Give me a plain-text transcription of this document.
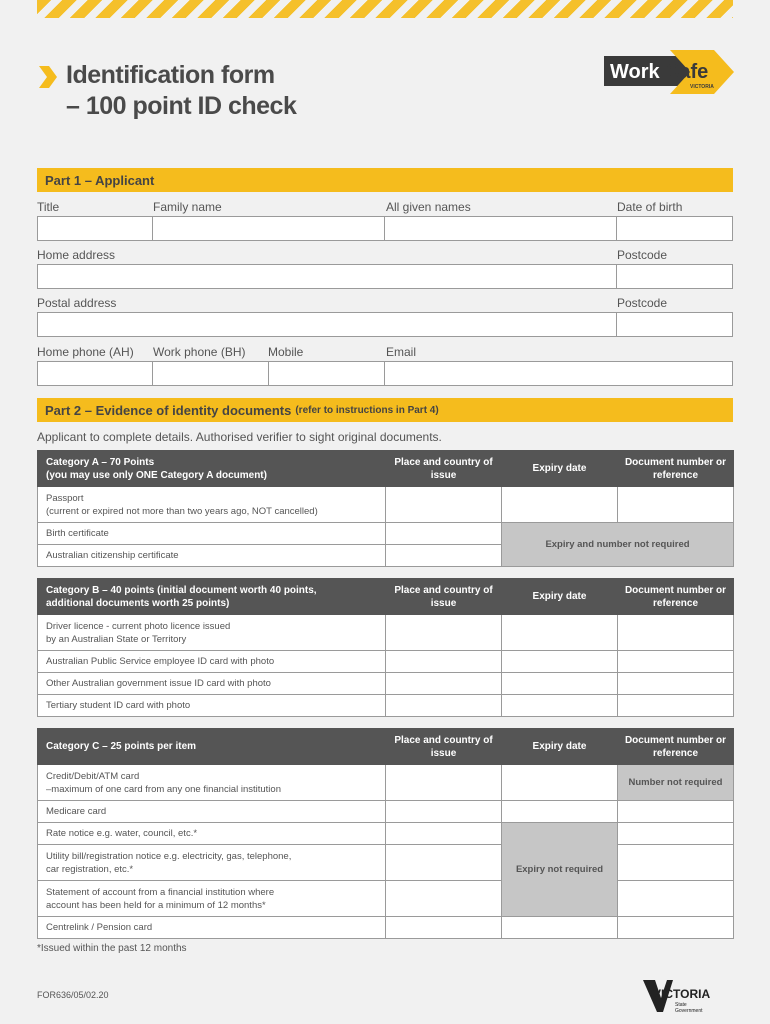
Identification form
– 100 point ID check
Work Safe
VICTORIA
Part 1 – Applicant
Title	Family name	All given names	Date of birth
Home address	Postcode
Postal address	Postcode
Home phone (AH) Work phone (BH) Mobile	Email
Part 2 – Evidence of identity documents (refer to instructions in Part 4)
Applicant to complete details. Authorised verifier to sight original documents.
Category A – 70 Points
(you may use only ONE Category A document)	Place and country of issue	Expiry date	Document number or reference

Passport
(current or expired not more than two years ago, NOT cancelled)			

Birth certificate		Expiry and number not required	
Australian citizenship certificate			
Category B – 40 points (initial document worth 40 points,
additional documents worth 25 points)	Place and country of issue	Expiry date	Document number or reference

Driver licence - current photo licence issued
by an Australian State or Territory			

Australian Public Service employee ID card with photo			
Other Australian government issue ID card with photo			
Tertiary student ID card with photo			
Category C – 25 points per item	Place and country of issue	Expiry date	Document number or reference

Credit/Debit/ATM card
–maximum of one card from any one financial institution			Number not required
Medicare card			
Rate notice e.g. water, council, etc.*		Expiry not required	

Utility bill/registration notice e.g. electricity, gas, telephone,
car registration, etc.*			

Statement of account from a financial institution where
account has been held for a minimum of 12 months*			

Centrelink / Pension card			
*Issued within the past 12 months
FOR636/05/02.20	VICTORIA
State
Government
